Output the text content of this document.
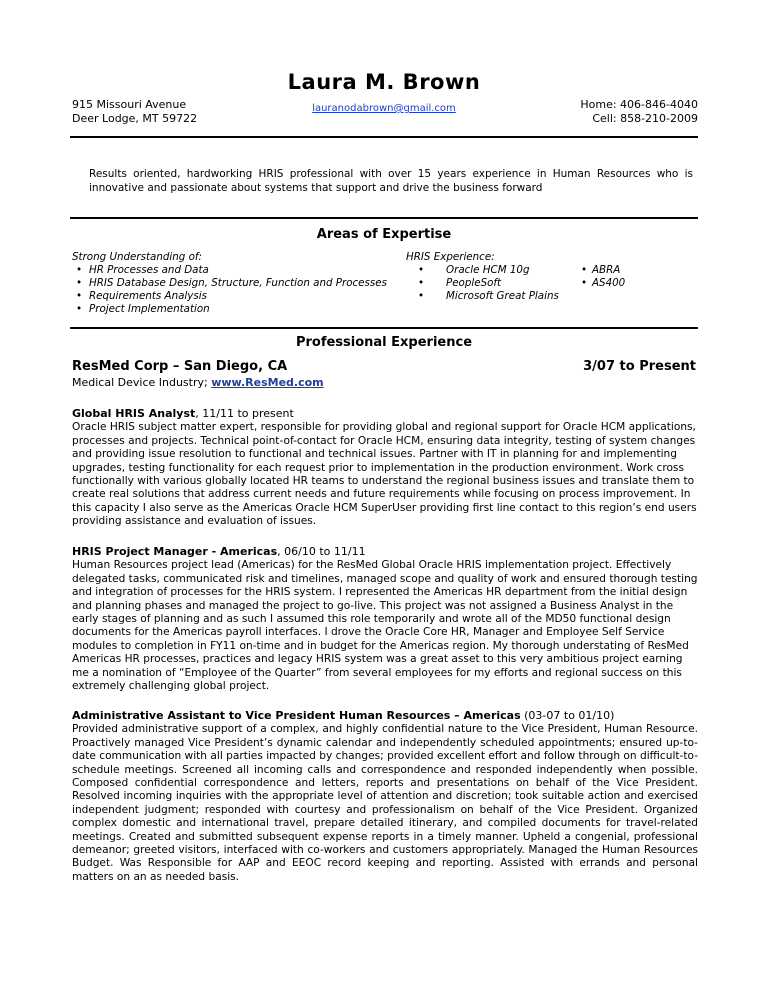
Laura M. Brown
915 Missouri Avenue
Deer Lodge, MT 59722
lauranodabrown@gmail.com	Home: 406-846-4040
Cell: 858-210-2009
Results oriented, hardworking HRIS professional with over 15 years experience in Human Resources who is innovative and passionate about systems that support and drive the business forward
Areas of Expertise
Strong Understanding of:
• HR Processes and Data
• HRIS Database Design, Structure, Function and Processes
• Requirements Analysis
• Project Implementation
HRIS Experience:
• Oracle HCM 10g
• PeopleSoft
• Microsoft Great Plains
• ABRA
• AS400
Professional Experience
ResMed Corp – San Diego, CA	3/07 to Present
Medical Device Industry; www.ResMed.com
Global HRIS Analyst, 11/11 to present

Oracle HRIS subject matter expert, responsible for providing global and regional support for Oracle HCM applications, processes and projects. Technical point-of-contact for Oracle HCM, ensuring data integrity, testing of system changes and providing issue resolution to functional and technical issues. Partner with IT in planning for and implementing upgrades, testing functionality for each request prior to implementation in the production environment. Work cross functionally with various globally located HR teams to understand the regional business issues and translate them to create real solutions that address current needs and future requirements while focusing on process improvement. In this capacity I also serve as the Americas Oracle HCM SuperUser providing first line contact to this region’s end users providing assistance and evaluation of issues.

HRIS Project Manager - Americas, 06/10 to 11/11

Human Resources project lead (Americas) for the ResMed Global Oracle HRIS implementation project. Effectively delegated tasks, communicated risk and timelines, managed scope and quality of work and ensured thorough testing and integration of processes for the HRIS system. I represented the Americas HR department from the initial design and planning phases and managed the project to go-live. This project was not assigned a Business Analyst in the early stages of planning and as such I assumed this role temporarily and wrote all of the MD50 functional design documents for the Americas payroll interfaces. I drove the Oracle Core HR, Manager and Employee Self Service modules to completion in FY11 on-time and in budget for the Americas region. My thorough understating of ResMed Americas HR processes, practices and legacy HRIS system was a great asset to this very ambitious project earning me a nomination of “Employee of the Quarter” from several employees for my efforts and regional success on this extremely challenging global project.

Administrative Assistant to Vice President Human Resources – Americas (03-07 to 01/10)

Provided administrative support of a complex, and highly confidential nature to the Vice President, Human Resource. Proactively managed Vice President’s dynamic calendar and independently scheduled appointments; ensured up-to-date communication with all parties impacted by changes; provided excellent effort and follow through on difficult-to-schedule meetings. Screened all incoming calls and correspondence and responded independently when possible. Composed confidential correspondence and letters, reports and presentations on behalf of the Vice President. Resolved incoming inquiries with the appropriate level of attention and discretion; took suitable action and exercised independent judgment; responded with courtesy and professionalism on behalf of the Vice President. Organized complex domestic and international travel, prepare detailed itinerary, and compiled documents for travel-related meetings. Created and submitted subsequent expense reports in a timely manner. Upheld a congenial, professional demeanor; greeted visitors, interfaced with co-workers and customers appropriately. Managed the Human Resources Budget. Was Responsible for AAP and EEOC record keeping and reporting. Assisted with errands and personal matters on an as needed basis.
